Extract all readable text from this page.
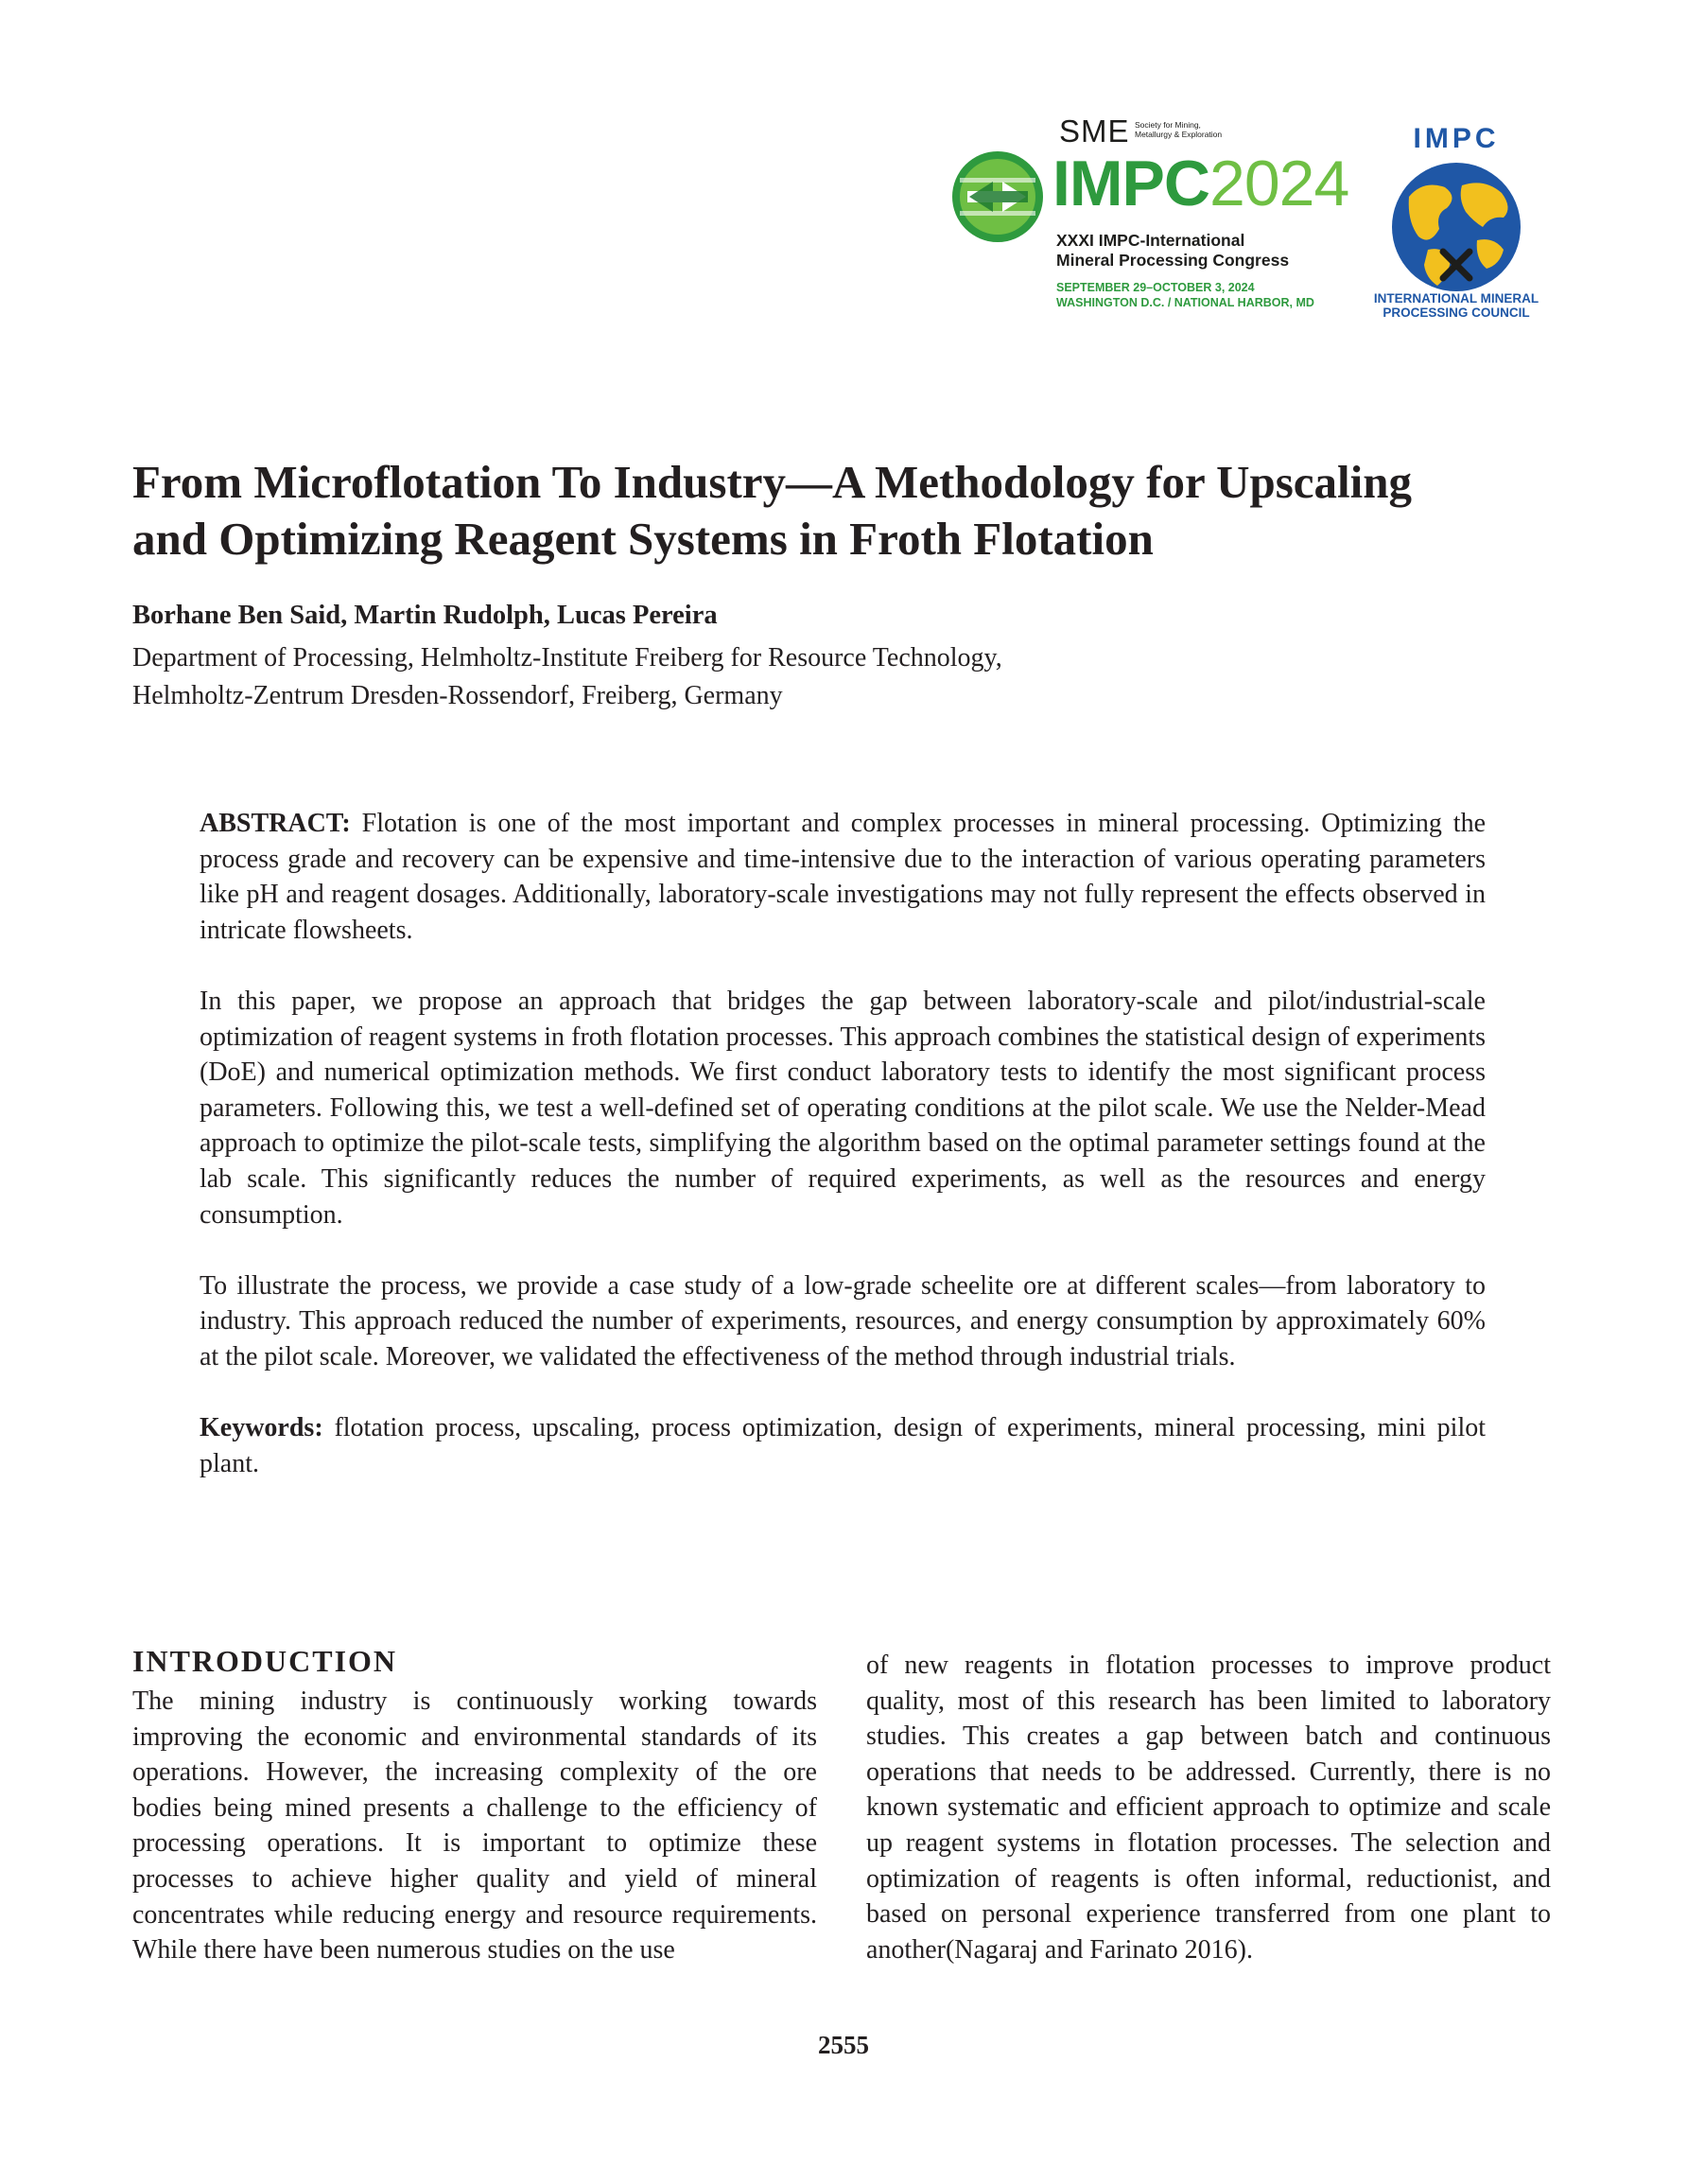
SME Society for Mining, Metallurgy & Exploration
IMPC2024
XXXI IMPC-International
Mineral Processing Congress
SEPTEMBER 29–OCTOBER 3, 2024
WASHINGTON D.C. / NATIONAL HARBOR, MD
IMPC
INTERNATIONAL MINERAL
PROCESSING COUNCIL
From Microflotation To Industry—A Methodology for Upscaling
and Optimizing Reagent Systems in Froth Flotation

Borhane Ben Said, Martin Rudolph, Lucas Pereira

Department of Processing, Helmholtz-Institute Freiberg for Resource Technology,
Helmholtz-Zentrum Dresden-Rossendorf, Freiberg, Germany

ABSTRACT: Flotation is one of the most important and complex processes in mineral processing. Optimizing the process grade and recovery can be expensive and time-intensive due to the interaction of various operating parameters like pH and reagent dosages. Additionally, laboratory-scale investigations may not fully represent the effects observed in intricate flowsheets.

In this paper, we propose an approach that bridges the gap between laboratory-scale and pilot/industrial-scale optimization of reagent systems in froth flotation processes. This approach combines the statistical design of experiments (DoE) and numerical optimization methods. We first conduct laboratory tests to identify the most significant process parameters. Following this, we test a well-defined set of operating conditions at the pilot scale. We use the Nelder-Mead approach to optimize the pilot-scale tests, simplifying the algorithm based on the optimal parameter settings found at the lab scale. This significantly reduces the number of required experiments, as well as the resources and energy consumption.

To illustrate the process, we provide a case study of a low-grade scheelite ore at different scales—from laboratory to industry. This approach reduced the number of experiments, resources, and energy consumption by approximately 60% at the pilot scale. Moreover, we validated the effectiveness of the method through industrial trials.

Keywords: flotation process, upscaling, process optimization, design of experiments, mineral processing, mini pilot plant.

INTRODUCTION

The mining industry is continuously working towards improving the economic and environmental standards of its operations. However, the increasing complexity of the ore bodies being mined presents a challenge to the efficiency of processing operations. It is important to optimize these processes to achieve higher quality and yield of mineral concentrates while reducing energy and resource requirements. While there have been numerous studies on the use

of new reagents in flotation processes to improve product quality, most of this research has been limited to laboratory studies. This creates a gap between batch and continuous operations that needs to be addressed. Currently, there is no known systematic and efficient approach to optimize and scale up reagent systems in flotation processes. The selection and optimization of reagents is often informal, reductionist, and based on personal experience transferred from one plant to another(Nagaraj and Farinato 2016).

2555
